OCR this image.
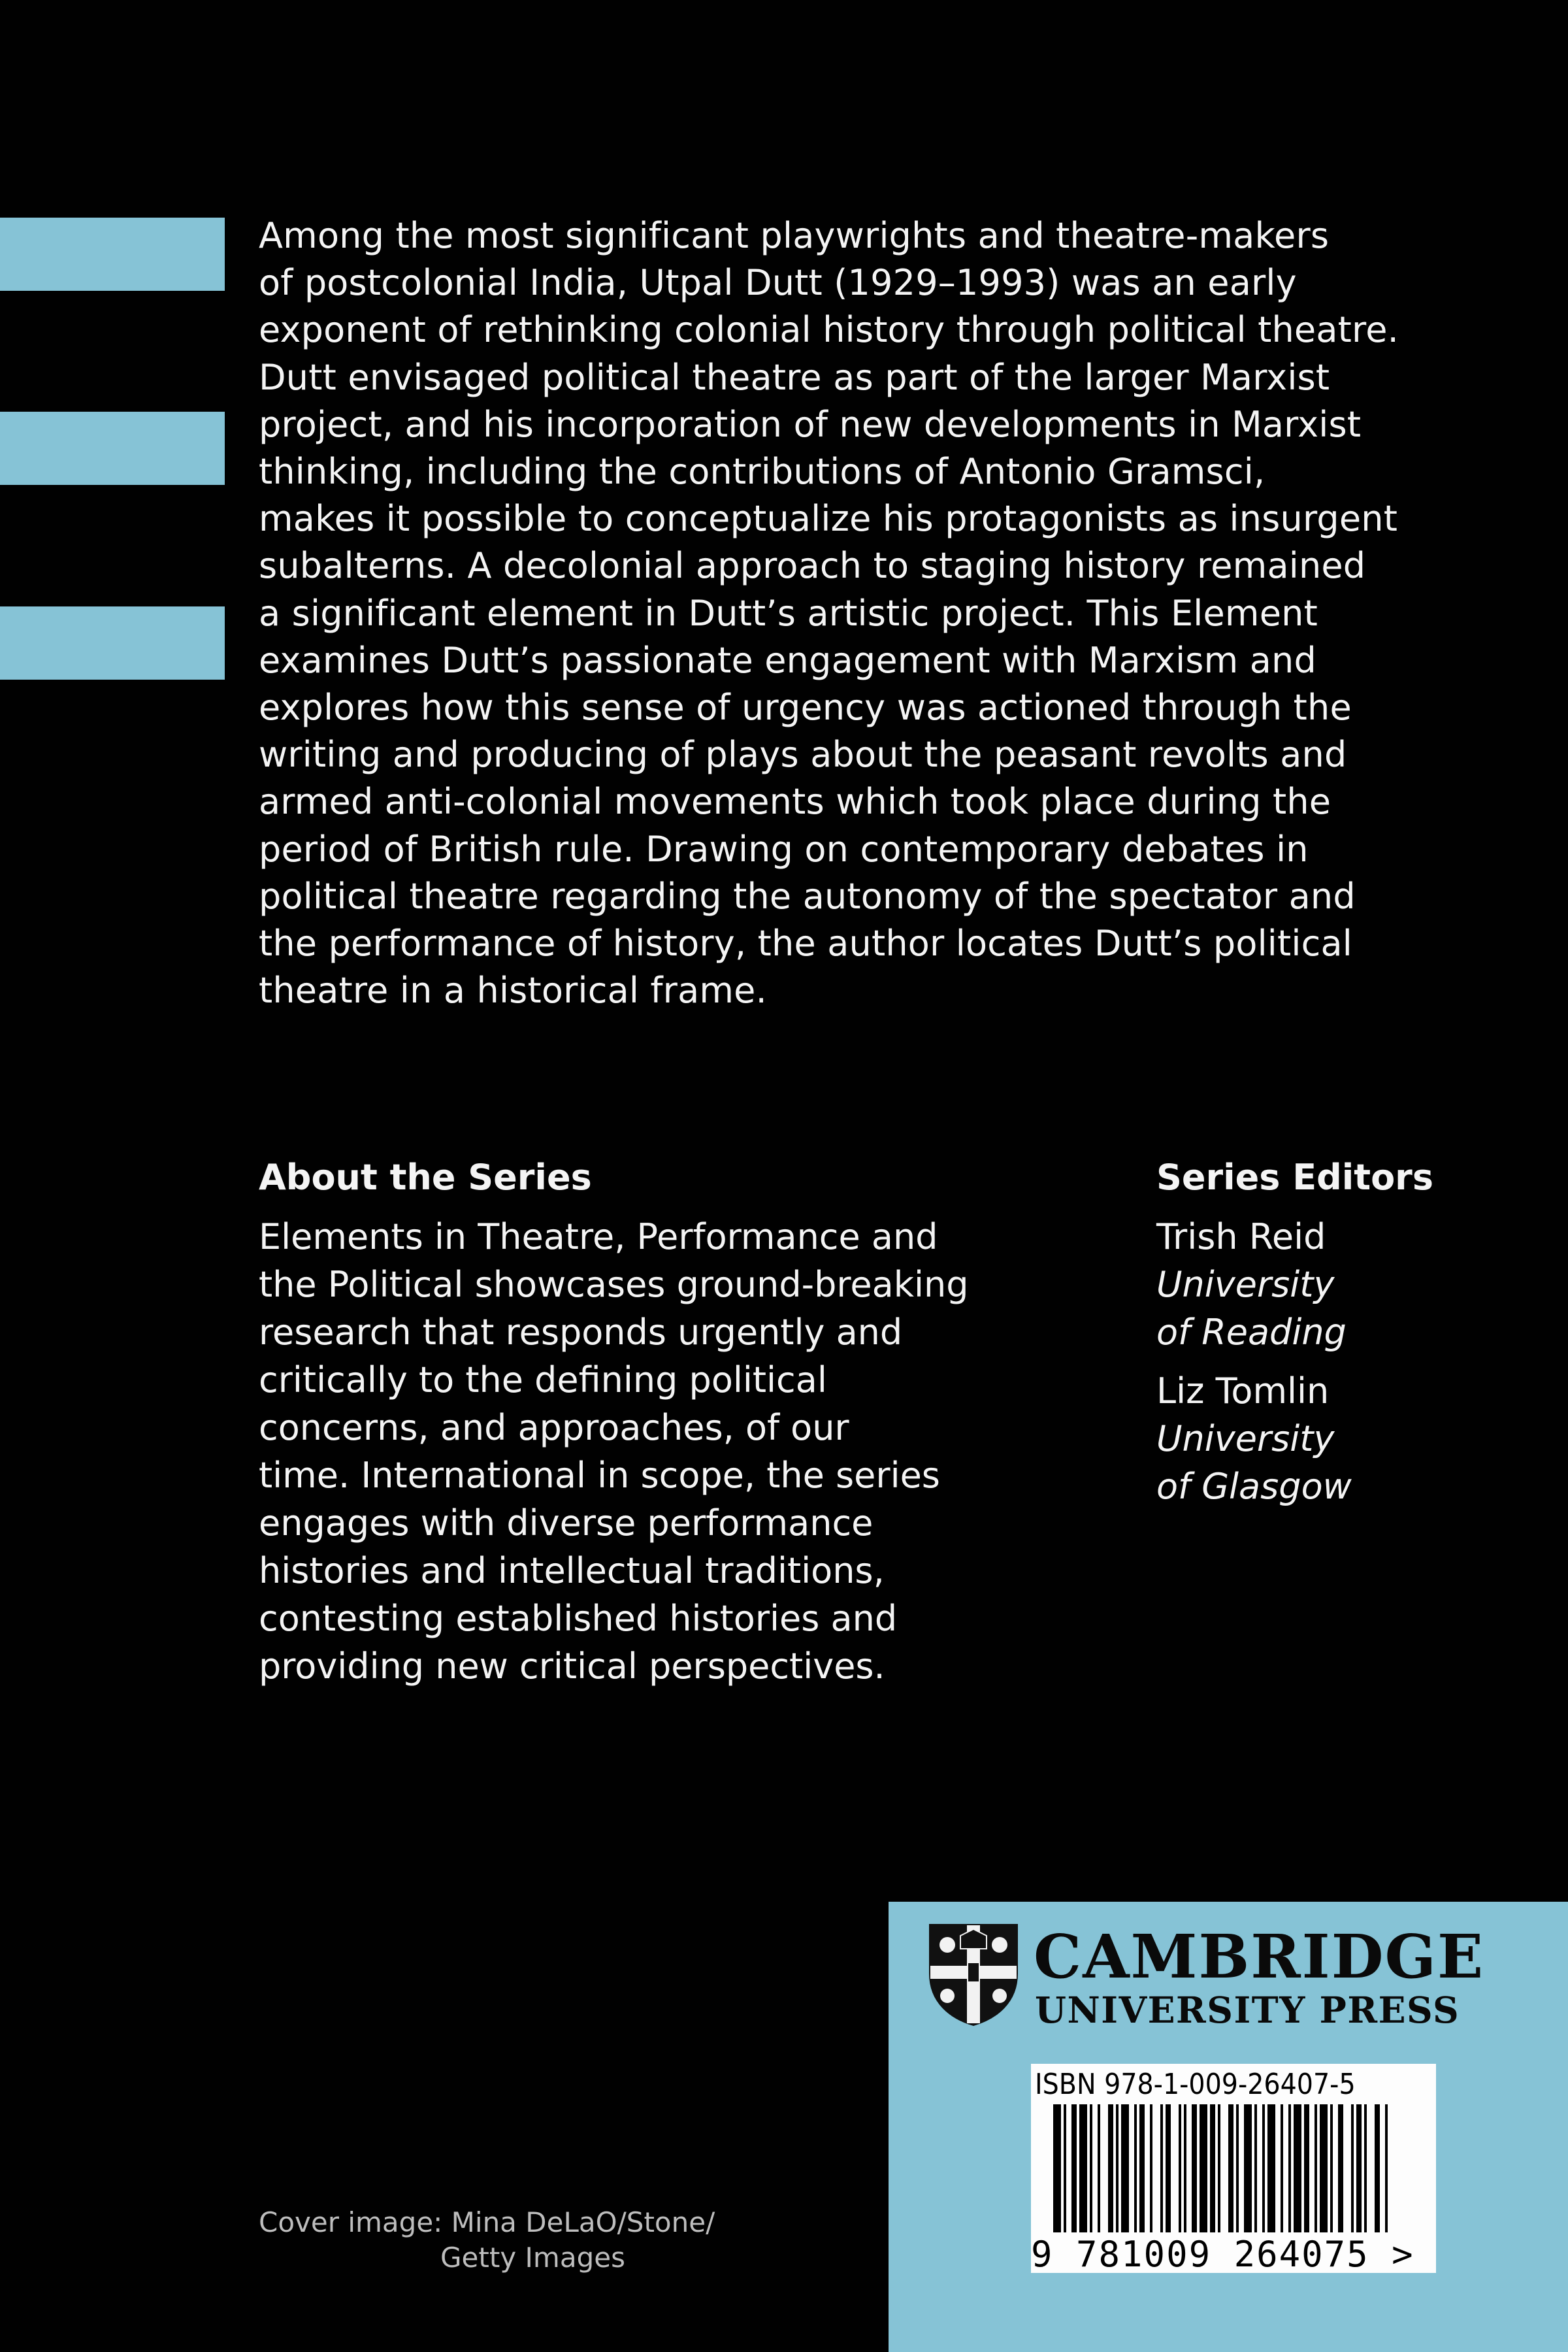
Among the most significant playwrights and theatre-makers
of postcolonial India, Utpal Dutt (1929–1993) was an early
exponent of rethinking colonial history through political theatre.
Dutt envisaged political theatre as part of the larger Marxist
project, and his incorporation of new developments in Marxist
thinking, including the contributions of Antonio Gramsci,
makes it possible to conceptualize his protagonists as insurgent
subalterns. A decolonial approach to staging history remained
a significant element in Dutt’s artistic project. This Element
examines Dutt’s passionate engagement with Marxism and
explores how this sense of urgency was actioned through the
writing and producing of plays about the peasant revolts and
armed anti-colonial movements which took place during the
period of British rule. Drawing on contemporary debates in
political theatre regarding the autonomy of the spectator and
the performance of history, the author locates Dutt’s political
theatre in a historical frame.
About the Series
Elements in Theatre, Performance and
the Political showcases ground-breaking
research that responds urgently and
critically to the defining political
concerns, and approaches, of our
time. International in scope, the series
engages with diverse performance
histories and intellectual traditions,
contesting established histories and
providing new critical perspectives.
Series Editors
Trish Reid
University
of Reading
Liz Tomlin
University
of Glasgow
Cover image: Mina DeLaO/Stone/
Getty Images
CAMBRIDGE
UNIVERSITY PRESS
ISBN 978-1-009-26407-5
9 781009 264075 >
